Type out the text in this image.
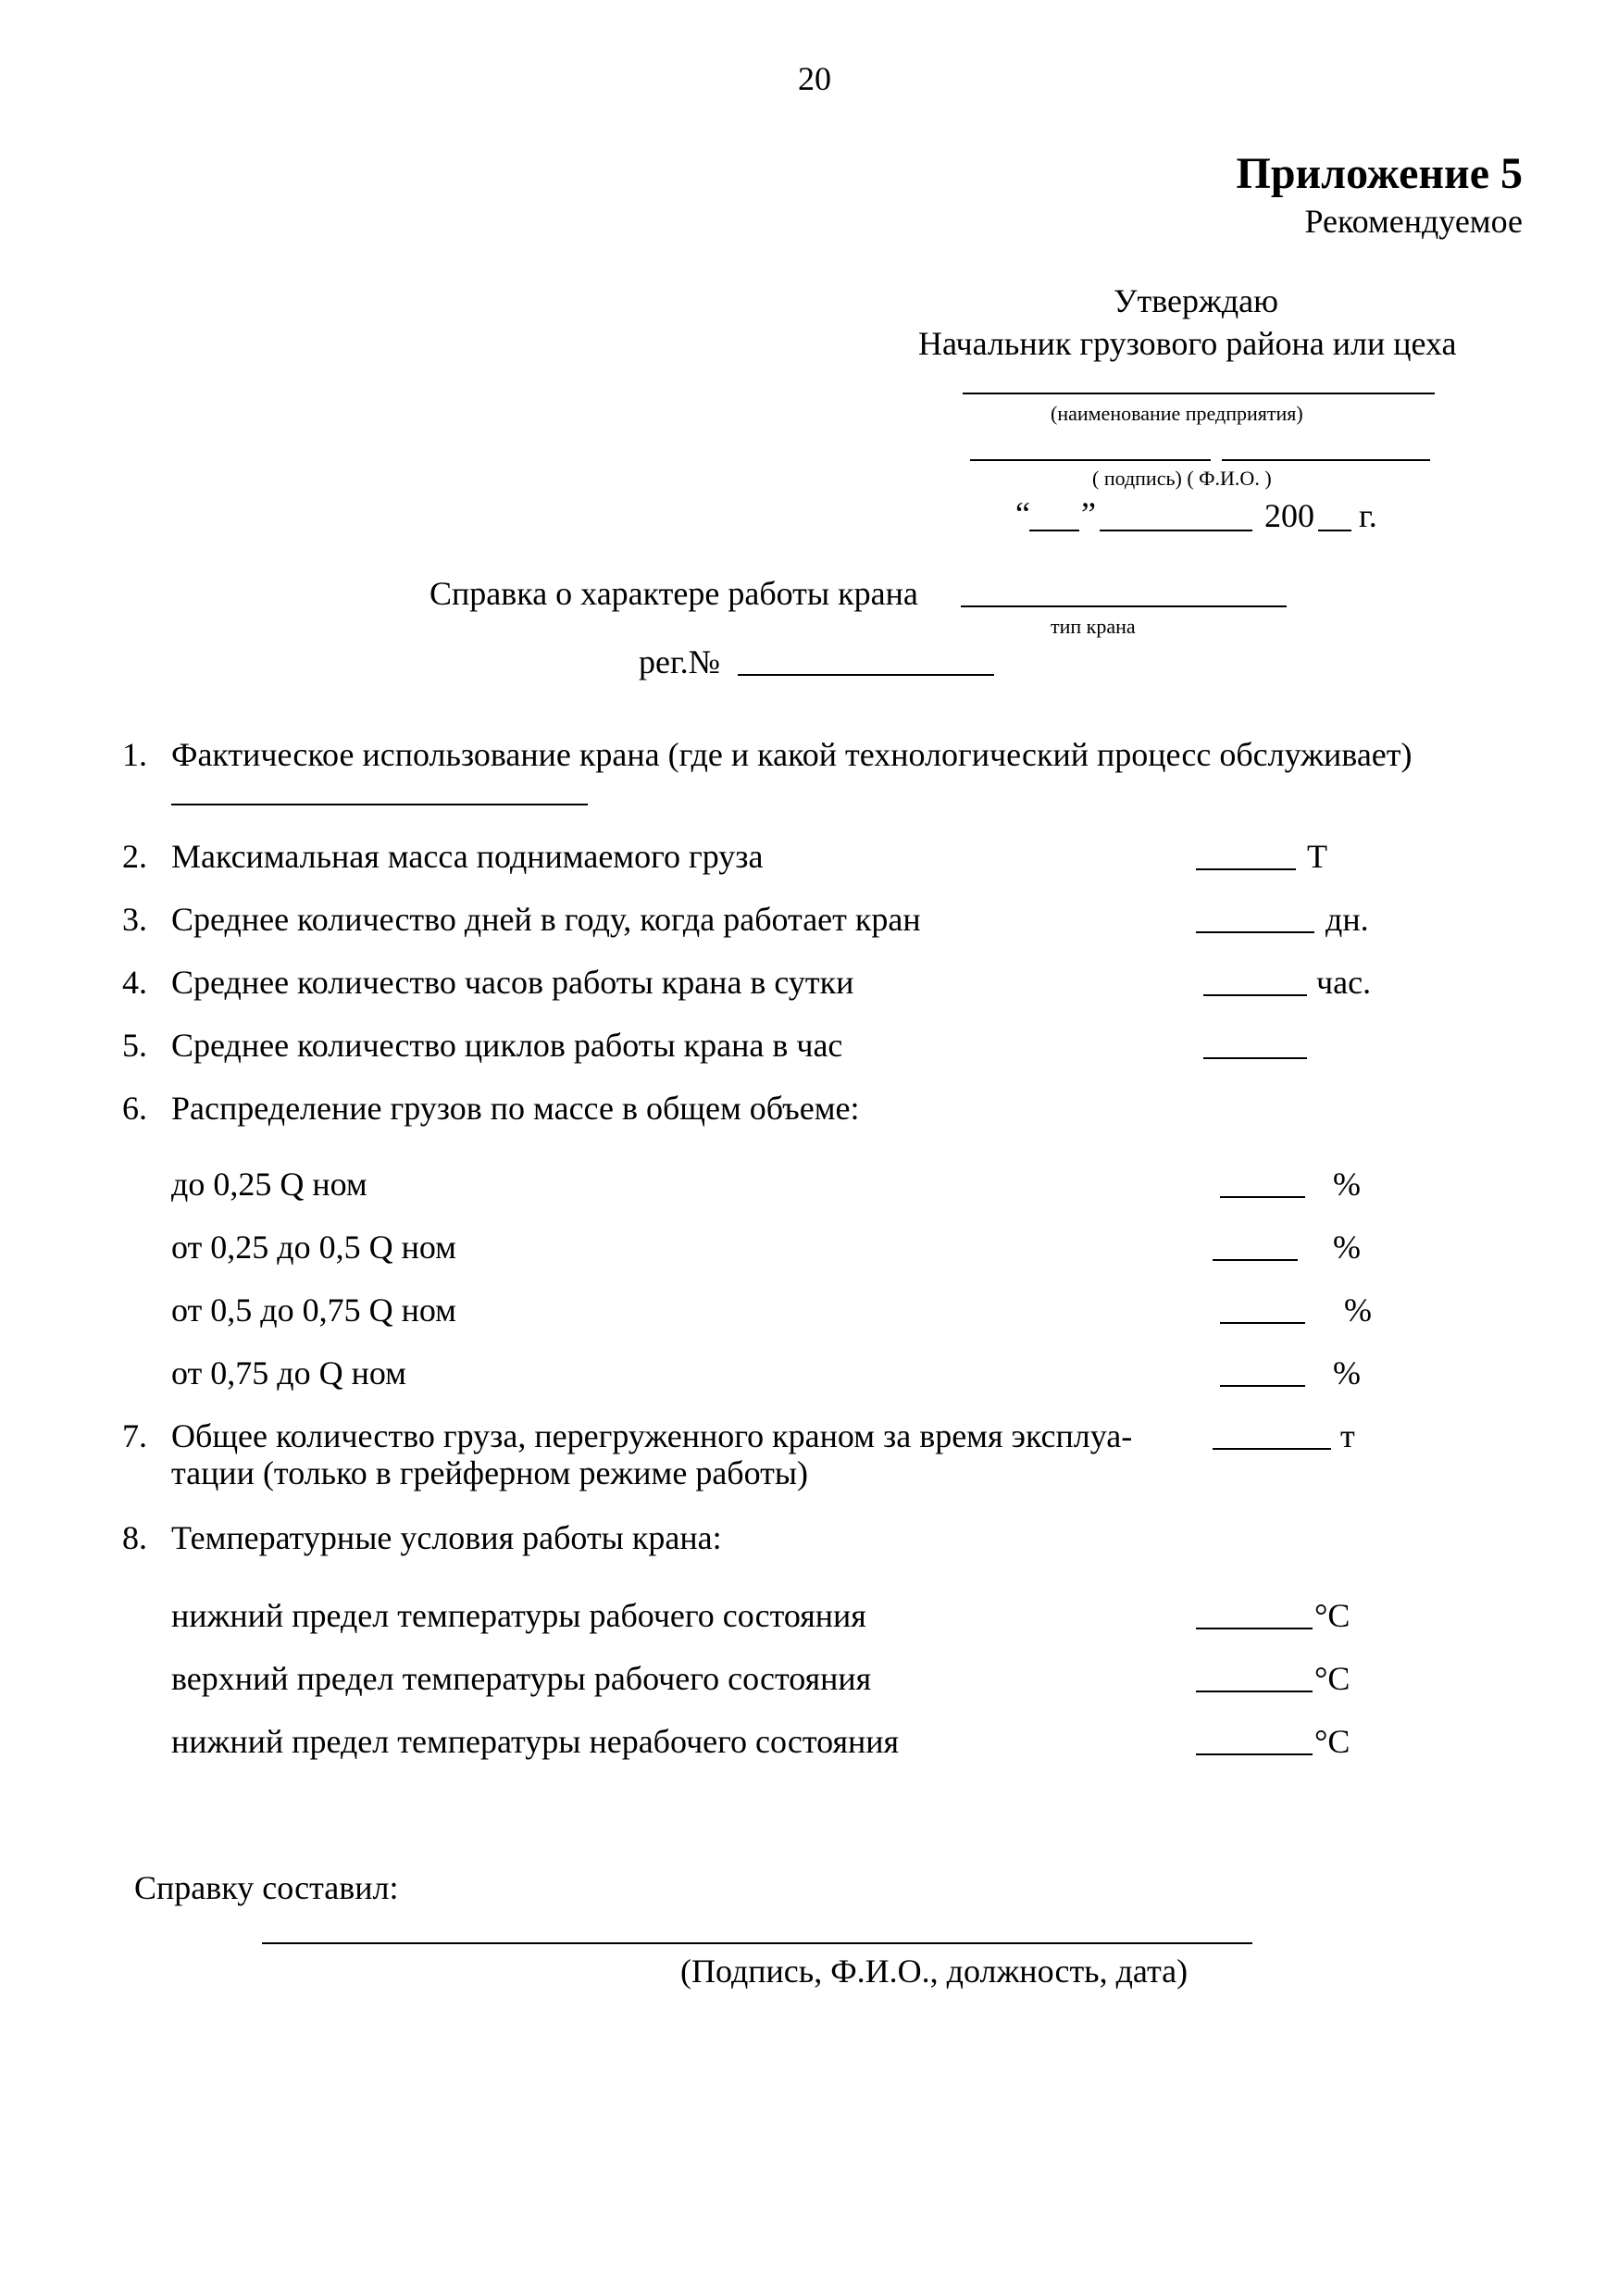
20
Приложение 5
Рекомендуемое
Утверждаю
Начальник грузового района или цеха
(наименование предприятия)
( подпись) ( Ф.И.О. )
“ ”	200 г.
Справка о характере работы крана
тип крана
рег.№
1. Фактическое использование крана (где и какой технологический процесс обслуживает)
2. Максимальная масса поднимаемого груза	Т
3. Среднее количество дней в году, когда работает кран	дн.
4. Среднее количество часов работы крана в сутки	час.
5. Среднее количество циклов работы крана в час
6. Распределение грузов по массе в общем объеме:
до 0,25 Q ном	%
от 0,25 до 0,5 Q ном	%
от 0,5 до 0,75 Q ном	%
от 0,75 до Q ном	%
7. Общее количество груза, перегруженного краном за время эксплуа-
тации (только в грейферном режиме работы)
т
8. Температурные условия работы крана:
нижний предел температуры рабочего состояния	°С
верхний предел температуры рабочего состояния	°С
нижний предел температуры нерабочего состояния	°С
Справку составил:
(Подпись, Ф.И.О., должность, дата)
